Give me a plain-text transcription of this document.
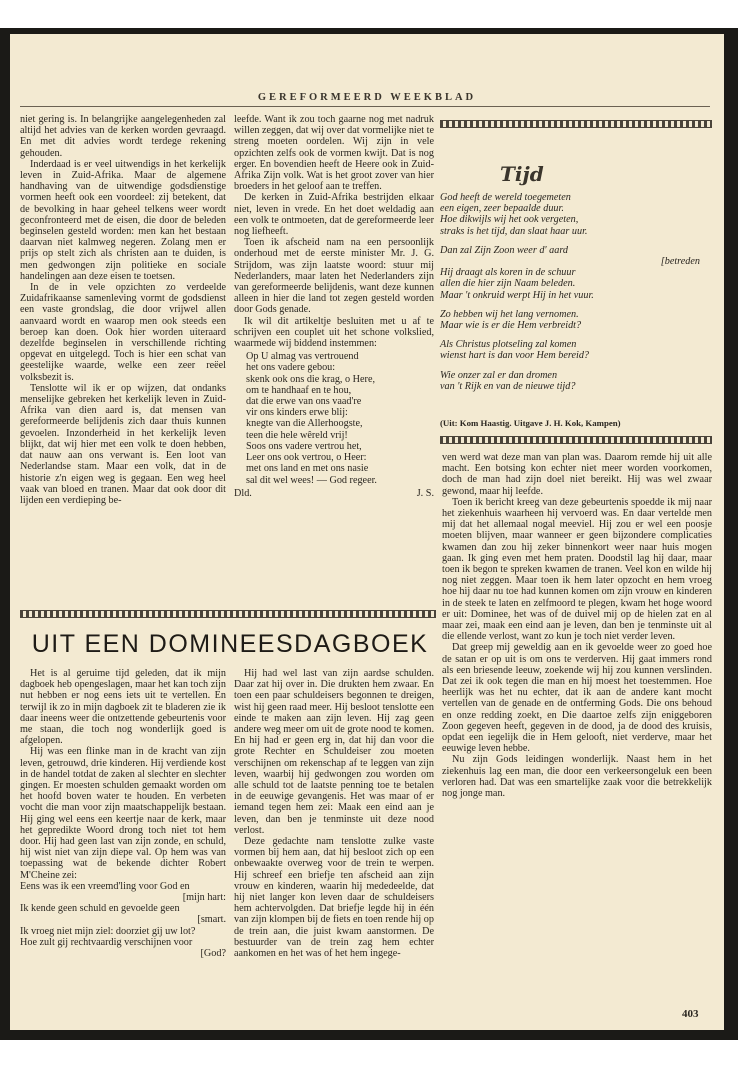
GEREFORMEERD WEEKBLAD

niet gering is. In belangrijke aangelegenheden zal altijd het advies van de kerken worden gevraagd. En met dit advies wordt terdege rekening gehouden.

Inderdaad is er veel uitwendigs in het kerkelijk leven in Zuid-Afrika. Maar de algemene handhaving van de uitwendige godsdienstige vormen heeft ook een voordeel: zij betekent, dat de bevolking in haar geheel telkens weer wordt geconfronteerd met de eisen, die door de beleden beginselen gesteld worden: men kan het bestaan daarvan niet kalmweg negeren. Zolang men er prijs op stelt zich als christen aan te duiden, is men gedwongen zijn politieke en sociale handelingen aan deze eisen te toetsen.

In de in vele opzichten zo verdeelde Zuidafrikaanse samenleving vormt de godsdienst een vaste grondslag, die door vrijwel allen aanvaard wordt en waarop men ook steeds een beroep kan doen. Ook hier worden uiteraard dezelfde beginselen in verschillende richting opgevat en uitgelegd. Toch is hier een schat van geestelijke waarde, welke een zeer reëel volksbezit is.

Tenslotte wil ik er op wijzen, dat ondanks menselijke gebreken het kerkelijk leven in Zuid-Afrika van dien aard is, dat mensen van gereformeerde belijdenis zich daar thuis kunnen gevoelen. Inzonderheid in het kerkelijk leven blijkt, dat wij hier met een volk te doen hebben, dat nauw aan ons verwant is. Een loot van Nederlandse stam. Maar een volk, dat in de historie z'n eigen weg is gegaan. Een weg heel vaak van bloed en tranen. Maar dat ook door dit lijden een verdieping be-

leefde. Want ik zou toch gaarne nog met nadruk willen zeggen, dat wij over dat vormelijke niet te streng moeten oordelen. Wij zijn in vele opzichten zelfs ook de vormen kwijt. Dat is nog erger. En bovendien heeft de Heere ook in Zuid-Afrika Zijn volk. Wat is het groot zover van hier broeders in het geloof aan te treffen.

De kerken in Zuid-Afrika bestrijden elkaar niet, leven in vrede. En het doet weldadig aan een volk te ontmoeten, dat de gereformeerde leer nog liefheeft.

Toen ik afscheid nam na een persoonlijk onderhoud met de eerste minister Mr. J. G. Strijdom, was zijn laatste woord: stuur mij Nederlanders, maar laten het Nederlanders zijn van gereformeerde belijdenis, want deze kunnen alleen in hier die land tot zegen gesteld worden door Gods genade.

Ik wil dit artikeltje besluiten met u af te schrijven een couplet uit het schone volkslied, waarmede wij biddend instemmen:

Op U almag vas vertrouend
het ons vadere gebou:
skenk ook ons die krag, o Here,
om te handhaaf en te hou,
dat die erwe van ons vaad're
vir ons kinders erwe blij:
knegte van die Allerhoogste,
teen die hele wêreld vrij!
Soos ons vadere vertrou het,
Leer ons ook vertrou, o Heer:
met ons land en met ons nasie
sal dit wel wees! — God regeer.
Dld.	J. S.
Tijd
God heeft de wereld toegemeten
een eigen, zeer bepaalde duur.
Hoe dikwijls wij het ook vergeten,
straks is het tijd, dan slaat haar uur.
Dan zal Zijn Zoon weer d' aard
[betreden
Hij draagt als koren in de schuur
allen die hier zijn Naam beleden.
Maar 't onkruid werpt Hij in het vuur.
Zo hebben wij het lang vernomen.
Maar wie is er die Hem verbreidt?
Als Christus plotseling zal komen
wienst hart is dan voor Hem bereid?
Wie onzer zal er dan dromen
van 't Rijk en van de nieuwe tijd?
(Uit: Kom Haastig. Uitgave J. H. Kok, Kampen)

ven werd wat deze man van plan was. Daarom remde hij uit alle macht. Een botsing kon echter niet meer worden voorkomen, doch de man had zijn doel niet bereikt. Hij was wel zwaar gewond, maar hij leefde.

Toen ik bericht kreeg van deze gebeurtenis spoedde ik mij naar het ziekenhuis waarheen hij vervoerd was. En daar vertelde men mij dat het allemaal nogal meeviel. Hij zou er wel een poosje moeten blijven, maar wanneer er geen bijzondere complicaties kwamen dan zou hij zeker binnenkort weer naar huis mogen gaan. Ik ging even met hem praten. Doodstil lag hij daar, maar toen ik begon te spreken kwamen de tranen. Veel kon en wilde hij nog niet zeggen. Maar toen ik hem later opzocht en hem vroeg hoe hij daar nu toe had kunnen komen om zijn vrouw en kinderen in de steek te laten en zelfmoord te plegen, kwam het hoge woord er uit: Dominee, het was of de duivel mij op de hielen zat en al maar zei, maak een eind aan je leven, dan ben je tenminste uit al die ellende verlost, want zo kun je toch niet verder leven.

Dat greep mij geweldig aan en ik gevoelde weer zo goed hoe de satan er op uit is om ons te verderven. Hij gaat immers rond als een briesende leeuw, zoekende wij hij zou kunnen verslinden. Dat zei ik ook tegen die man en hij moest het toestemmen. Hoe heerlijk was het nu echter, dat ik aan de andere kant mocht vertellen van de genade en de ontferming Gods. Die ons behoud en onze redding zoekt, en Die daartoe zelfs zijn eniggeboren Zoon gegeven heeft, gegeven in de dood, ja de dood des kruisis, opdat een iegelijk die in Hem gelooft, niet verderve, maar het eeuwige leven hebbe.

Nu zijn Gods leidingen wonderlijk. Naast hem in het ziekenhuis lag een man, die door een verkeersongeluk een been verloren had. Dat was een smartelijke zaak voor die betrekkelijk nog jonge man.

UIT EEN DOMINEESDAGBOEK

Het is al geruime tijd geleden, dat ik mijn dagboek heb opengeslagen, maar het kan toch zijn nut hebben er nog eens iets uit te vertellen. En terwijl ik zo in mijn dagboek zit te bladeren zie ik daar ineens weer die ontzettende gebeurtenis voor me staan, die toch nog wonderlijk goed is afgelopen.

Hij was een flinke man in de kracht van zijn leven, getrouwd, drie kinderen. Hij verdiende kost in de handel totdat de zaken al slechter en slechter gingen. Er moesten schulden gemaakt worden om het hoofd boven water te houden. En verbeten vocht die man voor zijn maatschappelijk bestaan. Hij ging wel eens een keertje naar de kerk, maar het gepredikte Woord drong toch niet tot hem door. Hij had geen last van zijn zonde, en schuld, hij wist niet van zijn diepe val. Op hem was van toepassing wat de bekende dichter Robert M'Cheine zei:

Eens was ik een vreemd'ling voor God en
[mijn hart:
Ik kende geen schuld en gevoelde geen
[smart.
Ik vroeg niet mijn ziel: doorziet gij uw lot?
Hoe zult gij rechtvaardig verschijnen voor
[God?

Hij had wel last van zijn aardse schulden. Daar zat hij over in. Die drukten hem zwaar. En toen een paar schuldeisers begonnen te dreigen, wist hij geen raad meer. Hij besloot tenslotte een einde te maken aan zijn leven. Hij zag geen andere weg meer om uit de grote nood te komen. En hij had er geen erg in, dat hij dan voor die grote Rechter en Schuldeiser zou moeten verschijnen om rekenschap af te leggen van zijn leven, waarbij hij gedwongen zou worden om alle schuld tot de laatste penning toe te betalen in de eeuwige gevangenis. Het was maar of er iemand tegen hem zei: Maak een eind aan je leven, dan ben je tenminste uit deze nood verlost.

Deze gedachte nam tenslotte zulke vaste vormen bij hem aan, dat hij besloot zich op een onbewaakte overweg voor de trein te werpen. Hij schreef een briefje ten afscheid aan zijn vrouw en kinderen, waarin hij mededeelde, dat hij niet langer kon leven daar de schuldeisers hem achtervolgden. Dat briefje legde hij in één van zijn klompen bij de fiets en toen rende hij op de trein aan, die juist kwam aanstormen. De bestuurder van de trein zag hem echter aankomen en het was of het hem ingege-

403
